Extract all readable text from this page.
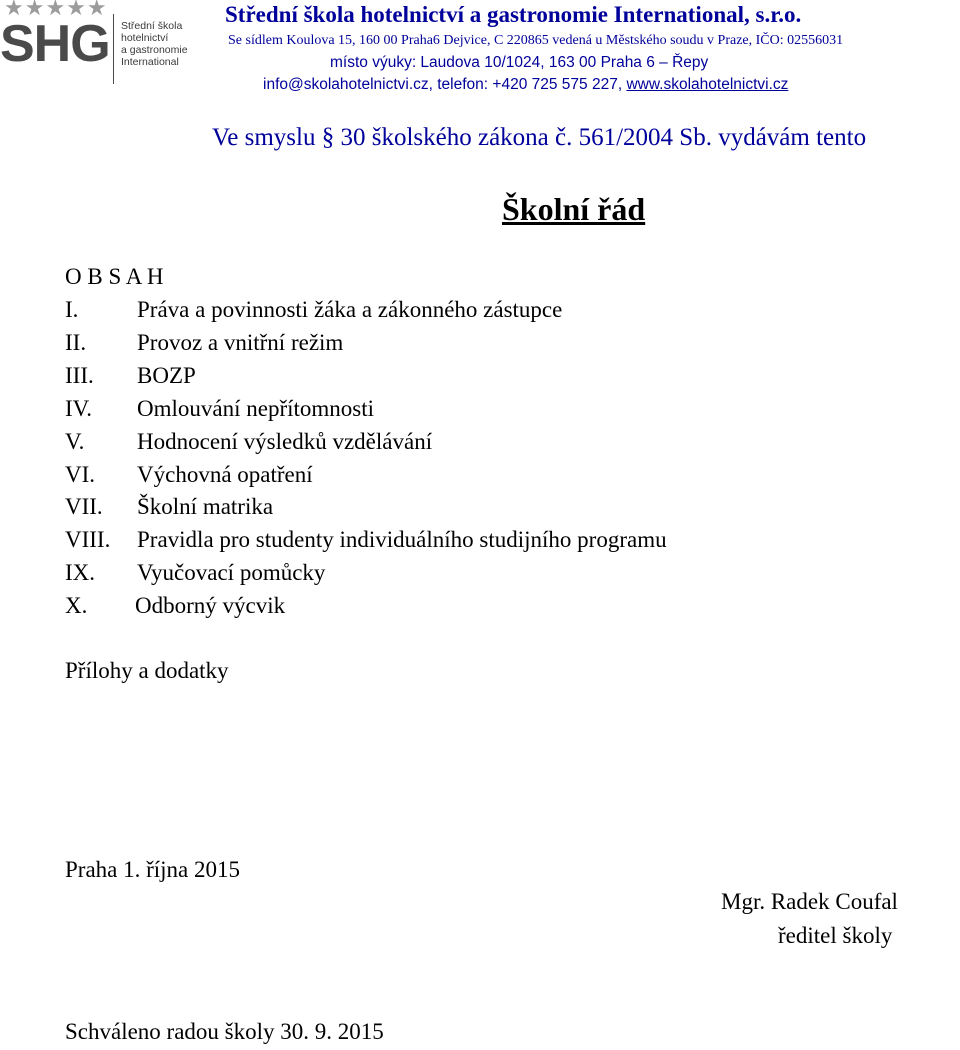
★★★★★
SHG Střední škola
hotelnictví
a gastronomie
International
Střední škola hotelnictví a gastronomie International, s.r.o.
Se sídlem Koulova 15, 160 00 Praha6 Dejvice, C 220865 vedená u Městského soudu v Praze, IČO: 02556031
místo výuky: Laudova 10/1024, 163 00 Praha 6 – Řepy
info@skolahotelnictvi.cz, telefon: +420 725 575 227, www.skolahotelnictvi.cz
Ve smyslu § 30 školského zákona č. 561/2004 Sb. vydávám tento
Školní řád
O B S A H
I.	Práva a povinnosti žáka a zákonného zástupce
II. Provoz a vnitřní režim
III. BOZP
IV. Omlouvání nepřítomnosti
V. Hodnocení výsledků vzdělávání
VI. Výchovná opatření
VII. Školní matrika
VIII. Pravidla pro studenty individuálního studijního programu
IX. Vyučovací pomůcky
X. Odborný výcvik
Přílohy a dodatky
Praha 1. října 2015
Mgr. Radek Coufal
ředitel školy
Schváleno radou školy 30. 9. 2015
